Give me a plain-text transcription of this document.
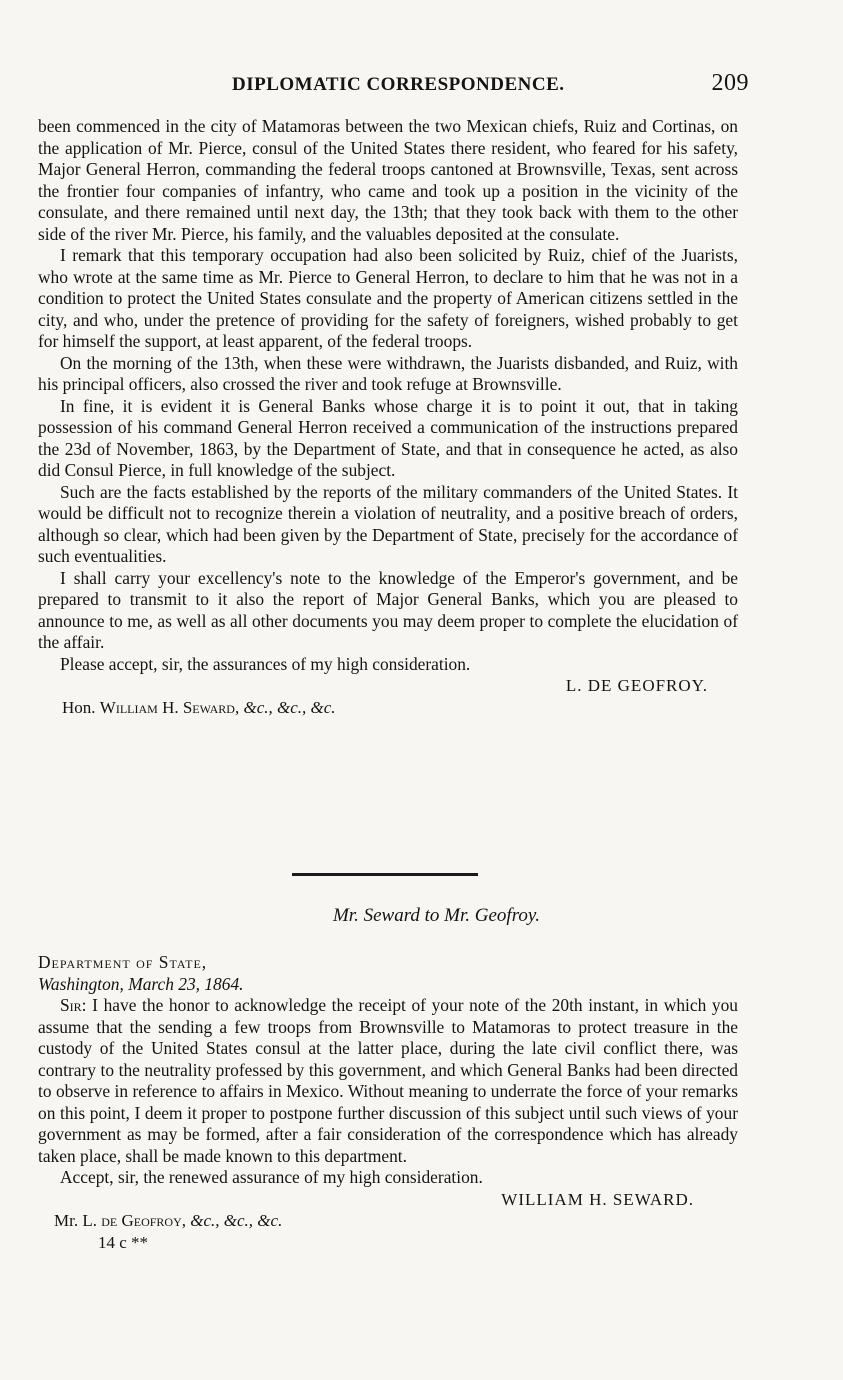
DIPLOMATIC CORRESPONDENCE.	209

been commenced in the city of Matamoras between the two Mexican chiefs, Ruiz and Cortinas, on the application of Mr. Pierce, consul of the United States there resident, who feared for his safety, Major General Herron, commanding the federal troops cantoned at Brownsville, Texas, sent across the frontier four companies of infantry, who came and took up a position in the vicinity of the consulate, and there remained until next day, the 13th; that they took back with them to the other side of the river Mr. Pierce, his family, and the valuables deposited at the consulate.

I remark that this temporary occupation had also been solicited by Ruiz, chief of the Juarists, who wrote at the same time as Mr. Pierce to General Herron, to declare to him that he was not in a condition to protect the United States consulate and the property of American citizens settled in the city, and who, under the pretence of providing for the safety of foreigners, wished probably to get for himself the support, at least apparent, of the federal troops.

On the morning of the 13th, when these were withdrawn, the Juarists disbanded, and Ruiz, with his principal officers, also crossed the river and took refuge at Brownsville.

In fine, it is evident it is General Banks whose charge it is to point it out, that in taking possession of his command General Herron received a communication of the instructions prepared the 23d of November, 1863, by the Department of State, and that in consequence he acted, as also did Consul Pierce, in full knowledge of the subject.

Such are the facts established by the reports of the military commanders of the United States. It would be difficult not to recognize therein a violation of neutrality, and a positive breach of orders, although so clear, which had been given by the Department of State, precisely for the accordance of such eventualities.

I shall carry your excellency's note to the knowledge of the Emperor's government, and be prepared to transmit to it also the report of Major General Banks, which you are pleased to announce to me, as well as all other documents you may deem proper to complete the elucidation of the affair.

Please accept, sir, the assurances of my high consideration.

L. DE GEOFROY.
Hon. William H. Seward, &c., &c., &c.
Mr. Seward to Mr. Geofroy.

Department of State,

Washington, March 23, 1864.

Sir: I have the honor to acknowledge the receipt of your note of the 20th instant, in which you assume that the sending a few troops from Brownsville to Matamoras to protect treasure in the custody of the United States consul at the latter place, during the late civil conflict there, was contrary to the neutrality professed by this government, and which General Banks had been directed to observe in reference to affairs in Mexico. Without meaning to underrate the force of your remarks on this point, I deem it proper to postpone further discussion of this subject until such views of your government as may be formed, after a fair consideration of the correspondence which has already taken place, shall be made known to this department.

Accept, sir, the renewed assurance of my high consideration.

WILLIAM H. SEWARD.
Mr. L. de Geofroy, &c., &c., &c.
14 c **
